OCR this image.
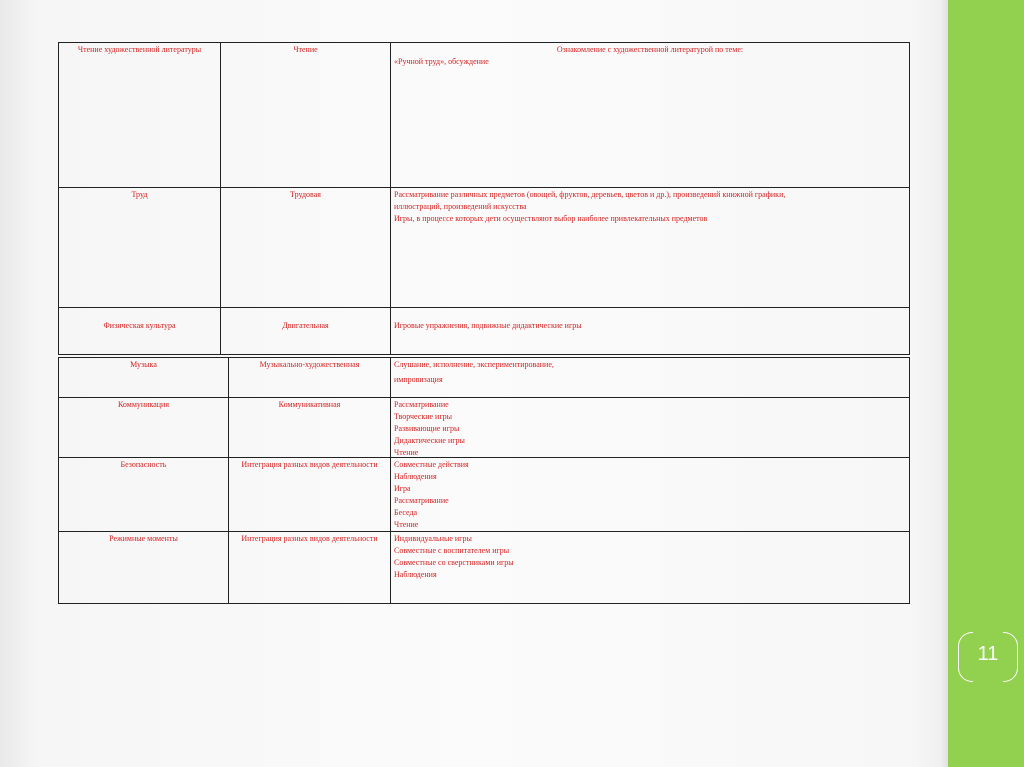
11
Чтение художественной литературы	Чтение	Ознакомление с художественной литературой по теме:
«Ручной труд», обсуждение
Труд	Трудовая	Рассматривание различных предметов (овощей, фруктов, деревьев, цветов и др.), произведений книжной графики,
иллюстраций, произведений искусства
Игры, в процессе которых дети осуществляют выбор наиболее привлекательных предметов
Физическая культура	Двигательная	Игровые упражнения, подвижные дидактические игры
Музыка	Музыкально-художественная	Слушание, исполнение, экспериментирование,
импровизация
Коммуникация	Коммуникативная	Рассматривание
Творческие игры
Развивающие игры
Дидактические игры
Чтение
Безопасность	Интеграция разных видов деятельности	Совместные действия
Наблюдения
Игра
Рассматривание
Беседа
Чтение
Режимные моменты	Интеграция разных видов деятельности	Индивидуальные игры
Совместные с воспитателем игры
Совместные со сверстниками игры
Наблюдения
